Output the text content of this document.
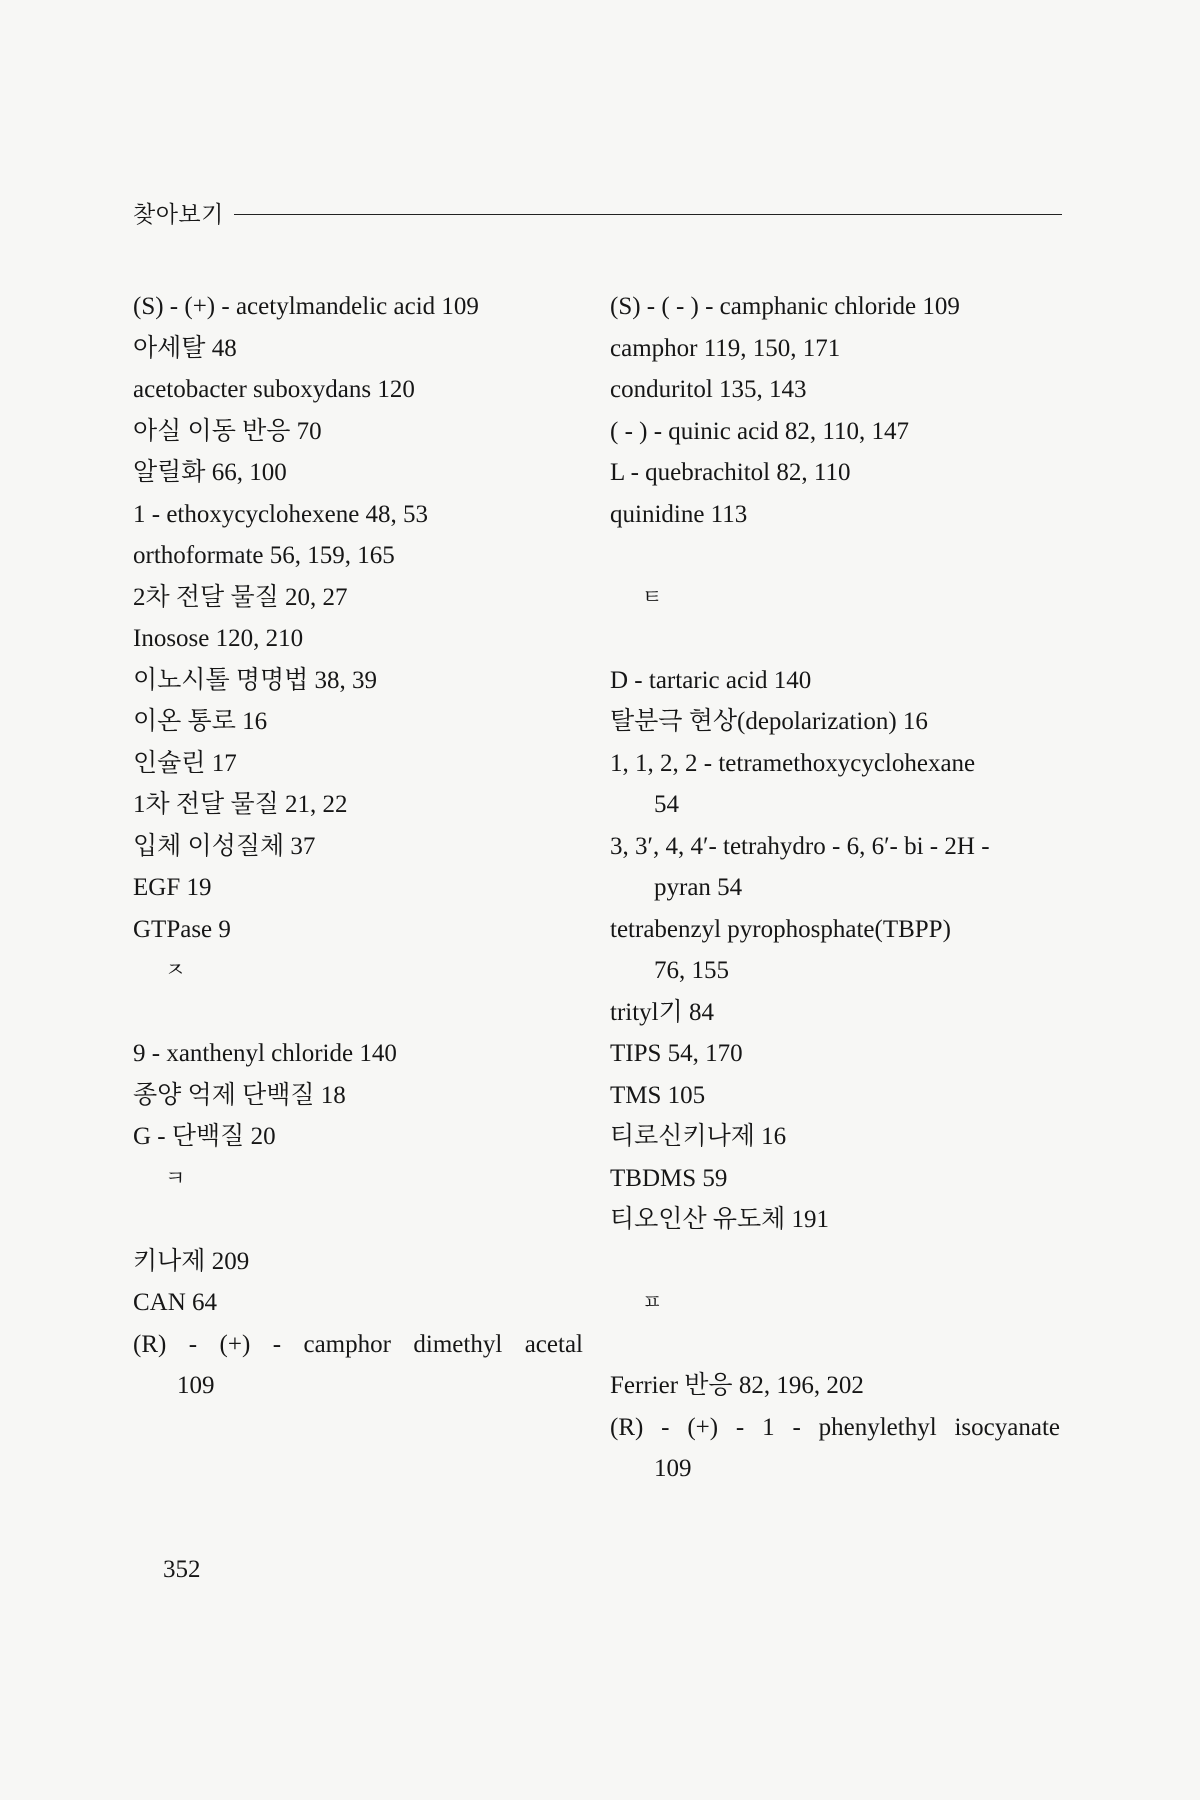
찾아보기
(S) - (+) - acetylmandelic acid 109
아세탈 48
acetobacter suboxydans 120
아실 이동 반응 70
알릴화 66, 100
1 - ethoxycyclohexene 48, 53
orthoformate 56, 159, 165
2차 전달 물질 20, 27
Inosose 120, 210
이노시톨 명명법 38, 39
이온 통로 16
인슐린 17
1차 전달 물질 21, 22
입체 이성질체 37
EGF 19
GTPase 9
ㅈ
9 - xanthenyl chloride 140
종양 억제 단백질 18
G - 단백질 20
ㅋ
키나제 209
CAN 64
(R) - (+) - camphor dimethyl acetal
109
(S) - ( - ) - camphanic chloride 109
camphor 119, 150, 171
conduritol 135, 143
( - ) - quinic acid 82, 110, 147
L - quebrachitol 82, 110
quinidine 113
ㅌ
D - tartaric acid 140
탈분극 현상(depolarization) 16
1, 1, 2, 2 - tetramethoxycyclohexane
54
3, 3′, 4, 4′- tetrahydro - 6, 6′- bi - 2H -
pyran 54
tetrabenzyl pyrophosphate(TBPP)
76, 155
trityl기 84
TIPS 54, 170
TMS 105
티로신키나제 16
TBDMS 59
티오인산 유도체 191
ㅍ
Ferrier 반응 82, 196, 202
(R) - (+) - 1 - phenylethyl isocyanate
109
352
